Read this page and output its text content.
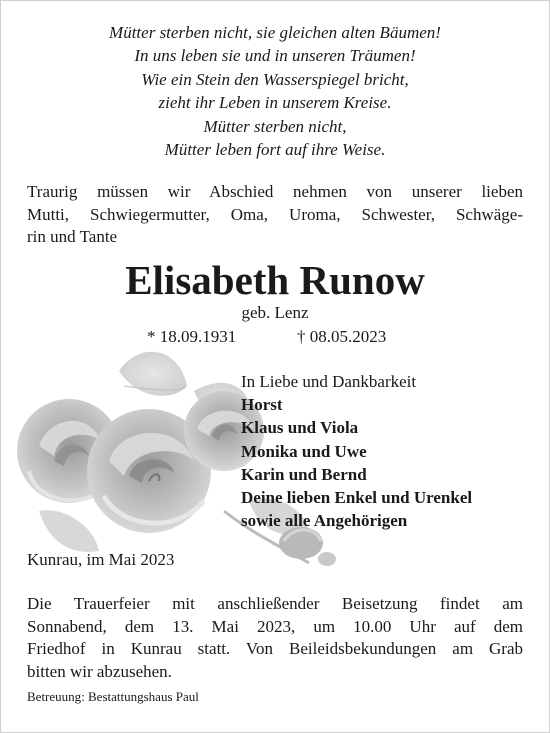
Mütter sterben nicht, sie gleichen alten Bäumen!
In uns leben sie und in unseren Träumen!
Wie ein Stein den Wasserspiegel bricht,
zieht ihr Leben in unserem Kreise.
Mütter sterben nicht,
Mütter leben fort auf ihre Weise.
Traurig müssen wir Abschied nehmen von unserer lieben
Mutti, Schwiegermutter, Oma, Uroma, Schwester, Schwäge-
rin und Tante
Elisabeth Runow
geb. Lenz
* 18.09.1931	† 08.05.2023
In Liebe und Dankbarkeit
Horst
Klaus und Viola
Monika und Uwe
Karin und Bernd
Deine lieben Enkel und Urenkel
sowie alle Angehörigen
Kunrau, im Mai 2023
Die Trauerfeier mit anschließender Beisetzung findet am
Sonnabend, dem 13. Mai 2023, um 10.00 Uhr auf dem
Friedhof in Kunrau statt. Von Beileidsbekundungen am Grab
bitten wir abzusehen.
Betreuung: Bestattungshaus Paul
